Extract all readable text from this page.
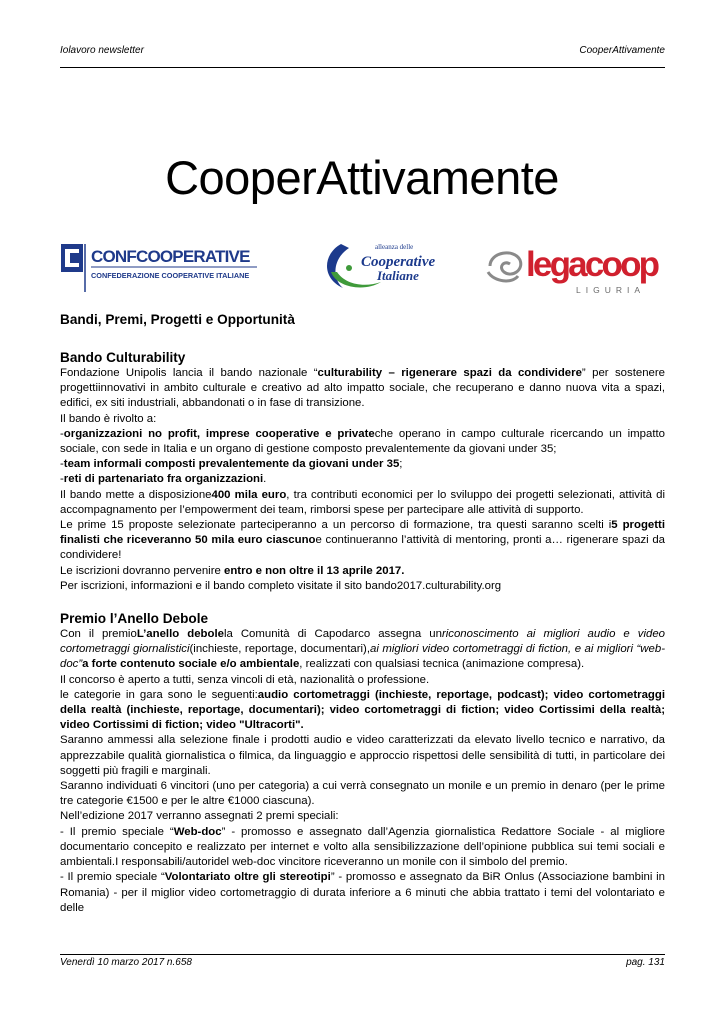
Iolavoro newsletter	CooperAttivamente
CooperAttivamente
CONFCOOPERATIVE
CONFEDERAZIONE COOPERATIVE ITALIANE
alleanza delle
Cooperative
Italiane	legacoop
LIGURIA
Bandi, Premi, Progetti e Opportunità
Bando Culturability

Fondazione Unipolis lancia il bando nazionale “culturability – rigenerare spazi da condividere” per sostenere progettiinnovativi in ambito culturale e creativo ad alto impatto sociale, che recuperano e danno nuova vita a spazi, edifici, ex siti industriali, abbandonati o in fase di transizione.

Il bando è rivolto a:

-organizzazioni no profit, imprese cooperative e privateche operano in campo culturale ricercando un impatto sociale, con sede in Italia e un organo di gestione composto prevalentemente da giovani under 35;

-team informali composti prevalentemente da giovani under 35;

-reti di partenariato fra organizzazioni.

Il bando mette a disposizione400 mila euro, tra contributi economici per lo sviluppo dei progetti selezionati, attività di accompagnamento per l’empowerment dei team, rimborsi spese per partecipare alle attività di supporto.

Le prime 15 proposte selezionate parteciperanno a un percorso di formazione, tra questi saranno scelti i5 progetti finalisti che riceveranno 50 mila euro ciascunoe continueranno l’attività di mentoring, pronti a… rigenerare spazi da condividere!

Le iscrizioni dovranno pervenire entro e non oltre il 13 aprile 2017.

Per iscrizioni, informazioni e il bando completo visitate il sito bando2017.culturability.org

Premio l’Anello Debole

Con il premioL’anello debolela Comunità di Capodarco assegna unriconoscimento ai migliori audio e video cortometraggi giornalistici(inchieste, reportage, documentari),ai migliori video cortometraggi di fiction, e ai migliori “web-doc”a forte contenuto sociale e/o ambientale, realizzati con qualsiasi tecnica (animazione compresa).

Il concorso è aperto a tutti, senza vincoli di età, nazionalità o professione.

le categorie in gara sono le seguenti:audio cortometraggi (inchieste, reportage, podcast); video cortometraggi della realtà (inchieste, reportage, documentari); video cortometraggi di fiction; video Cortissimi della realtà; video Cortissimi di fiction; video "Ultracorti".

Saranno ammessi alla selezione finale i prodotti audio e video caratterizzati da elevato livello tecnico e narrativo, da apprezzabile qualità giornalistica o filmica, da linguaggio e approccio rispettosi delle sensibilità di tutti, in particolare dei soggetti più fragili e marginali.

Saranno individuati 6 vincitori (uno per categoria) a cui verrà consegnato un monile e un premio in denaro (per le prime tre categorie €1500 e per le altre €1000 ciascuna).

Nell’edizione 2017 verranno assegnati 2 premi speciali:

- Il premio speciale “Web-doc” - promosso e assegnato dall’Agenzia giornalistica Redattore Sociale - al migliore documentario concepito e realizzato per internet e volto alla sensibilizzazione dell’opinione pubblica sui temi sociali e ambientali.I responsabili/autoridel web-doc vincitore riceveranno un monile con il simbolo del premio.

- Il premio speciale “Volontariato oltre gli stereotipi” - promosso e assegnato da BiR Onlus (Associazione bambini in Romania) - per il miglior video cortometraggio di durata inferiore a 6 minuti che abbia trattato i temi del volontariato e delle

Venerdì 10 marzo 2017 n.658	pag. 131
